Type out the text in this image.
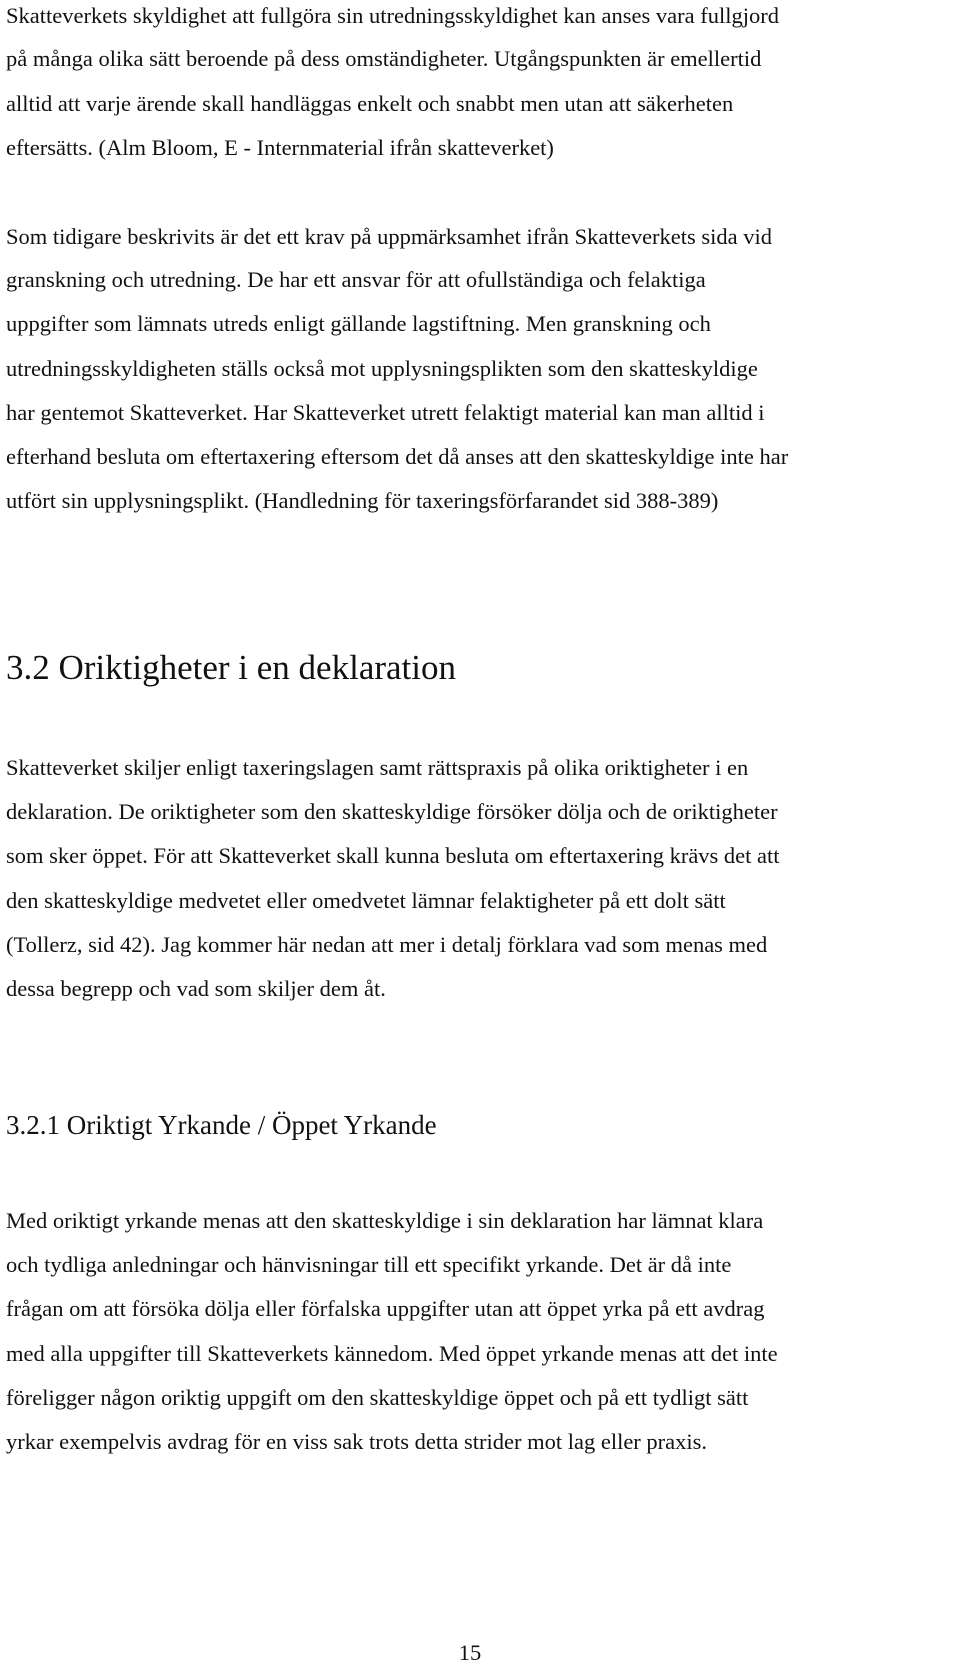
Skatteverkets skyldighet att fullgöra sin utredningsskyldighet kan anses vara fullgjord
på många olika sätt beroende på dess omständigheter. Utgångspunkten är emellertid
alltid att varje ärende skall handläggas enkelt och snabbt men utan att säkerheten
eftersätts. (Alm Bloom, E - Internmaterial ifrån skatteverket)
Som tidigare beskrivits är det ett krav på uppmärksamhet ifrån Skatteverkets sida vid
granskning och utredning. De har ett ansvar för att ofullständiga och felaktiga
uppgifter som lämnats utreds enligt gällande lagstiftning. Men granskning och
utredningsskyldigheten ställs också mot upplysningsplikten som den skatteskyldige
har gentemot Skatteverket. Har Skatteverket utrett felaktigt material kan man alltid i
efterhand besluta om eftertaxering eftersom det då anses att den skatteskyldige inte har
utfört sin upplysningsplikt. (Handledning för taxeringsförfarandet sid 388-389)
3.2 Oriktigheter i en deklaration
Skatteverket skiljer enligt taxeringslagen samt rättspraxis på olika oriktigheter i en
deklaration. De oriktigheter som den skatteskyldige försöker dölja och de oriktigheter
som sker öppet. För att Skatteverket skall kunna besluta om eftertaxering krävs det att
den skatteskyldige medvetet eller omedvetet lämnar felaktigheter på ett dolt sätt
(Tollerz, sid 42). Jag kommer här nedan att mer i detalj förklara vad som menas med
dessa begrepp och vad som skiljer dem åt.
3.2.1 Oriktigt Yrkande / Öppet Yrkande
Med oriktigt yrkande menas att den skatteskyldige i sin deklaration har lämnat klara
och tydliga anledningar och hänvisningar till ett specifikt yrkande. Det är då inte
frågan om att försöka dölja eller förfalska uppgifter utan att öppet yrka på ett avdrag
med alla uppgifter till Skatteverkets kännedom. Med öppet yrkande menas att det inte
föreligger någon oriktig uppgift om den skatteskyldige öppet och på ett tydligt sätt
yrkar exempelvis avdrag för en viss sak trots detta strider mot lag eller praxis.
15
